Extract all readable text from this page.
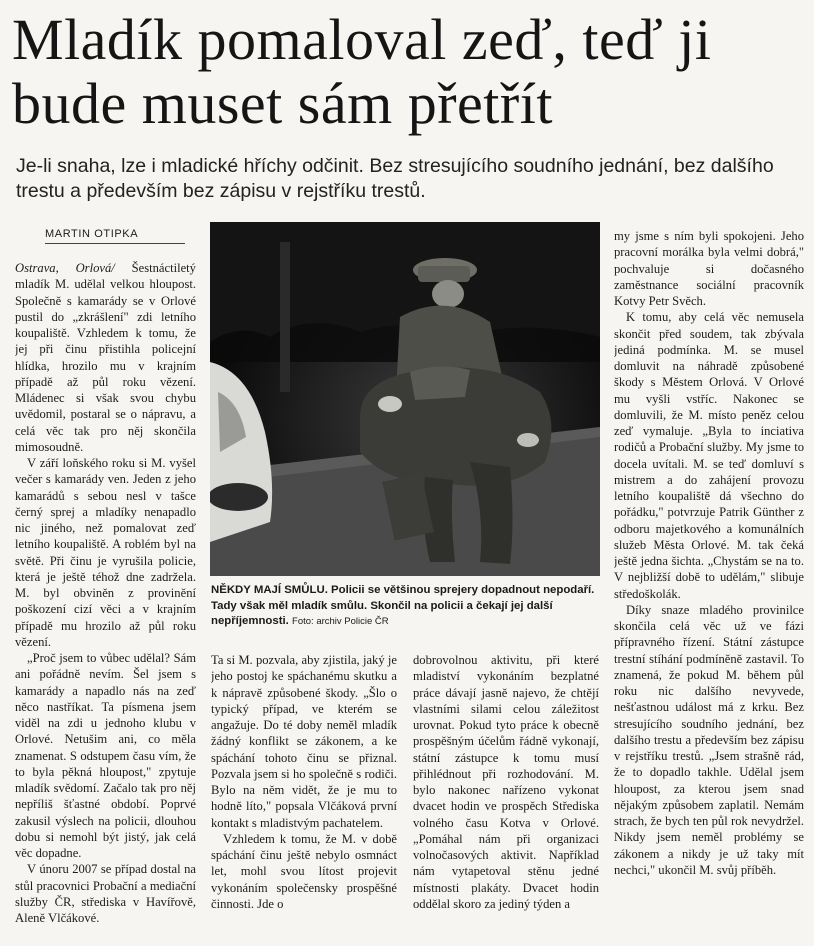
Mladík pomaloval zeď, teď ji bude muset sám přetřít
Je-li snaha, lze i mladické hříchy odčinit. Bez stresujícího soudního jednání, bez dalšího trestu a především bez zápisu v rejstříku trestů.
MARTIN OTIPKA

Ostrava, Orlová/ Šestnáctiletý mladík M. udělal velkou hloupost. Společně s kamarády se v Orlové pustil do „zkrášlení" zdi letního koupaliště. Vzhledem k tomu, že jej při činu přistihla policejní hlídka, hrozilo mu v krajním případě až půl roku vězení. Mládenec si však svou chybu uvědomil, postaral se o nápravu, a celá věc tak pro něj skončila mimosoudně.

V září loňského roku si M. vyšel večer s kamarády ven. Jeden z jeho kamarádů s sebou nesl v tašce černý sprej a mladíky nenapadlo nic jiného, než pomalovat zeď letního koupaliště. A roblém byl na světě. Při činu je vyrušila policie, která je ještě téhož dne zadržela. M. byl obviněn z provinění poškození cizí věci a v krajním případě mu hrozilo až půl roku vězení.

„Proč jsem to vůbec udělal? Sám ani pořádně nevím. Šel jsem s kamarády a napadlo nás na zeď něco nastříkat. Ta písmena jsem viděl na zdi u jednoho klubu v Orlové. Netušim ani, co měla znamenat. S odstupem času vím, že to byla pěkná hloupost," zpytuje mladík svědomí. Začalo tak pro něj nepříliš šťastné období. Poprvé zakusil výslech na policii, dlouhou dobu si nemohl být jistý, jak celá věc dopadne.

V únoru 2007 se případ dostal na stůl pracovnici Probační a mediační služby ČR, střediska v Havířově, Aleně Vlčákové.

NĚKDY MAJÍ SMŮLU. Policii se většinou sprejery dopadnout nepodaří. Tady však měl mladík smůlu. Skončil na policii a čekají jej další nepříjemnosti. Foto: archiv Policie ČR

Ta si M. pozvala, aby zjistila, jaký je jeho postoj ke spáchanému skutku a k nápravě způsobené škody. „Šlo o typický případ, ve kterém se angažuje. Do té doby neměl mladík žádný konflikt se zákonem, a ke spáchání tohoto činu se přiznal. Pozvala jsem si ho společně s rodiči. Bylo na něm vidět, že je mu to hodně líto," popsala Vlčáková první kontakt s mladistvým pachatelem.

Vzhledem k tomu, že M. v době spáchání činu ještě nebylo osmnáct let, mohl svou lítost projevit vykonáním společensky prospěšné činnosti. Jde o

dobrovolnou aktivitu, při které mladiství vykonáním bezplatné práce dávají jasně najevo, že chtějí vlastními silami celou záležitost urovnat. Pokud tyto práce k obecně prospěšným účelům řádně vykonají, státní zástupce k tomu musí přihlédnout při rozhodování. M. bylo nakonec nařízeno vykonat dvacet hodin ve prospěch Střediska volného času Kotva v Orlové. „Pomáhal nám při organizaci volnočasových aktivit. Například nám vytapetoval stěnu jedné místnosti plakáty. Dvacet hodin oddělal skoro za jediný týden a

my jsme s ním byli spokojeni. Jeho pracovní morálka byla velmi dobrá," pochvaluje si dočasného zaměstnance sociální pracovník Kotvy Petr Svěch.

K tomu, aby celá věc nemusela skončit před soudem, tak zbývala jediná podmínka. M. se musel domluvit na náhradě způsobené škody s Městem Orlová. V Orlové mu vyšli vstříc. Nakonec se domluvili, že M. místo peněz celou zeď vymaluje. „Byla to inciativa rodičů a Probační služby. My jsme to docela uvítali. M. se teď domluví s mistrem a do zahájení provozu letního koupaliště dá všechno do pořádku," potvrzuje Patrik Günther z odboru majetkového a komunálních služeb Města Orlové. M. tak čeká ještě jedna šichta. „Chystám se na to. V nejbližší době to udělám," slibuje středoškolák.

Díky snaze mladého provinilce skončila celá věc už ve fázi přípravného řízení. Státní zástupce trestní stíhání podmíněně zastavil. To znamená, že pokud M. během půl roku nic dalšího nevyvede, nešťastnou událost má z krku. Bez stresujícího soudního jednání, bez dalšího trestu a především bez zápisu v rejstříku trestů. „Jsem strašně rád, že to dopadlo takhle. Udělal jsem hloupost, za kterou jsem snad nějakým způsobem zaplatil. Nemám strach, že bych ten půl rok nevydržel. Nikdy jsem neměl problémy se zákonem a nikdy je už taky mít nechci," ukončil M. svůj příběh.
